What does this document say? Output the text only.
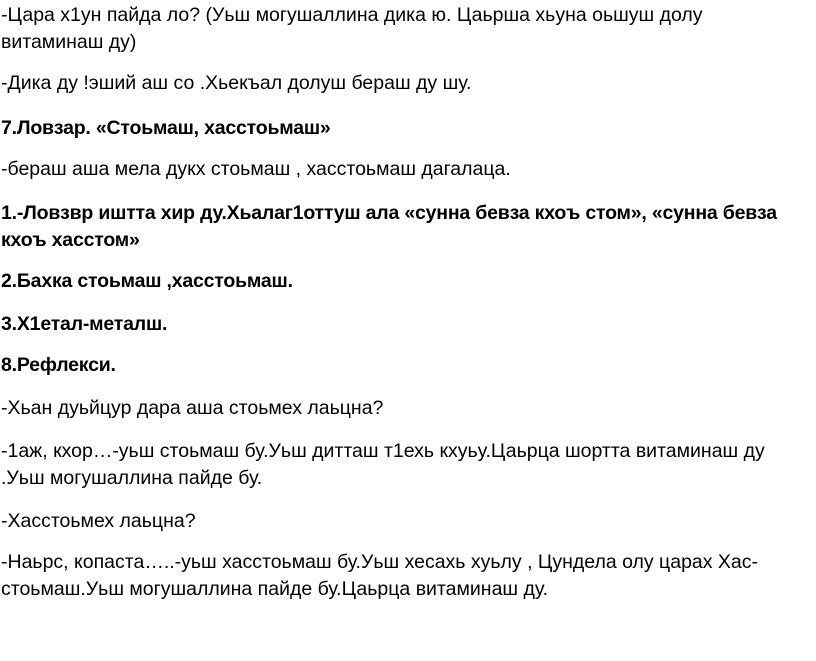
-Цара х1ун пайда ло? (Уьш могушаллина дика ю. Цаьрша хьуна оьшуш долу
витаминаш ду)
-Дика ду !эший аш со .Хьекъал долуш бераш ду шу.
7.Ловзар. «Стоьмаш, хасстоьмаш»
-бераш аша мела дукх стоьмаш , хасстоьмаш дагалаца.
1.-Ловзвр иштта хир ду.Хьалаг1оттуш ала «сунна бевза кхоъ стом», «сунна бевза
кхоъ хасстом»
2.Бахка стоьмаш ,хасстоьмаш.
3.Х1етал-металш.
8.Рефлекси.
-Хьан дуьйцур дара аша стоьмех лаьцна?
-1аж, кхор…-уьш стоьмаш бу.Уьш дитташ т1ехь кхуьу.Цаьрца шортта витаминаш ду
.Уьш могушаллина пайде бу.
-Хасстоьмех лаьцна?
-Наьрс, копаста…..-уьш хасстоьмаш бу.Уьш хесахь хуьлу , Цундела олу царах Хас-
стоьмаш.Уьш могушаллина пайде бу.Цаьрца витаминаш ду.
